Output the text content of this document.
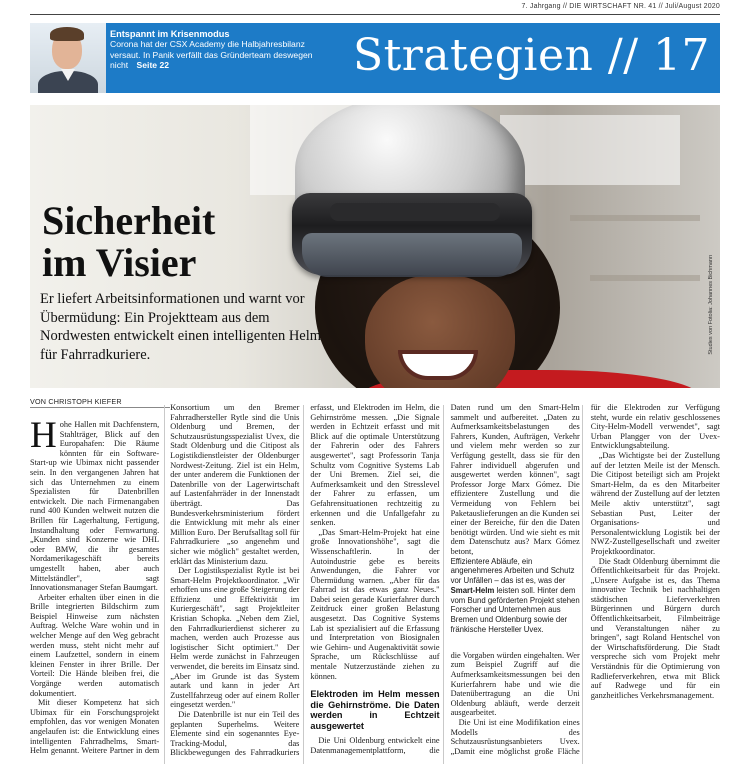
7. Jahrgang // DIE WIRTSCHAFT NR. 41 // Juli/August 2020
Entspannt im Krisenmodus
Corona hat der CSX Academy die Halbjahresbilanz versaut. In Panik verfällt das Gründerteam deswegen nicht Seite 22	Strategien // 17
Sicherheit
im Visier
Er liefert Arbeitsinformationen und warnt vor Übermüdung: Ein Projektteam aus dem Nordwesten entwickelt einen intelligenten Helm für Fahrradkuriere.	Studies von Fotolia: Johannes Bichmann
VON CHRISTOPH KIEFER

Hohe Hallen mit Dachfenstern, Stahlträger, Blick auf den Europahafen: Die Räume könnten für ein Software-Start-up wie Ubimax nicht passender sein. In den vergangenen Jahren hat sich das Unternehmen zu einem Spezialisten für Datenbrillen entwickelt. Die nach Firmenangaben rund 400 Kunden weltweit nutzen die Brillen für Lagerhaltung, Fertigung, Instandhaltung oder Fernwartung. „Kunden sind Konzerne wie DHL oder BMW, die ihr gesamtes Nordamerikageschäft bereits umgestellt haben, aber auch Mittelständler", sagt Innovationsmanager Stefan Baumgart.

Arbeiter erhalten über einen in die Brille integrierten Bildschirm zum Beispiel Hinweise zum nächsten Auftrag. Welche Ware wohin und in welcher Menge auf den Weg gebracht werden muss, steht nicht mehr auf einem Laufzettel, sondern in einem kleinen Fenster in ihrer Brille. Der Vorteil: Die Hände bleiben frei, die Vorgänge werden automatisch dokumentiert.

Mit dieser Kompetenz hat sich Ubimax für ein Forschungsprojekt empfohlen, das vor wenigen Monaten angelaufen ist: die Entwicklung eines intelligenten Fahrradhelms, Smart-Helm genannt. Weitere Partner in dem Konsortium um den Bremer Fahrradhersteller Rytle sind die Unis Oldenburg und Bremen, der Schutzausrüstungsspezialist Uvex, die Stadt Oldenburg und die Citipost als Logistikdienstleister der Oldenburger Nordwest-Zeitung. Ziel ist ein Helm, der unter anderem die Funktionen der Datenbrille von der Lagerwirtschaft auf Lastenfahrräder in der Innenstadt überträgt. Das Bundesverkehrsministerium fördert die Entwicklung mit mehr als einer Million Euro. Der Berufsalltag soll für Fahrradkuriere „so angenehm und sicher wie möglich" gestaltet werden, erklärt das Ministerium dazu.

Der Logistikspezialist Rytle ist bei Smart-Helm Projektkoordinator. „Wir erhoffen uns eine große Steigerung der Effizienz und Effektivität im Kuriergeschäft", sagt Projektleiter Kristian Schopka. „Neben dem Ziel, den Fahrradkurierdienst sicherer zu machen, werden auch Prozesse aus logistischer Sicht optimiert." Der Helm werde zunächst in Fahrzeugen verwendet, die bereits im Einsatz sind. „Aber im Grunde ist das System autark und kann in jeder Art Zustellfahrzeug oder auf einem Roller eingesetzt werden."

Die Datenbrille ist nur ein Teil des geplanten Superhelms. Weitere Elemente sind ein sogenanntes Eye-Tracking-Modul, das Blickbewegungen des Fahrradkuriers erfasst, und Elektroden im Helm, die Gehirnströme messen. „Die Signale werden in Echtzeit erfasst und mit Blick auf die optimale Unterstützung der Fahrerin oder des Fahrers ausgewertet", sagt Professorin Tanja Schultz vom Cognitive Systems Lab der Uni Bremen. Ziel sei, die Aufmerksamkeit und den Stresslevel der Fahrer zu erfassen, um Gefahrensituationen rechtzeitig zu erkennen und die Unfallgefahr zu senken.

„Das Smart-Helm-Projekt hat eine große Innovationshöhe", sagt die Wissenschaftlerin. In der Autoindustrie gebe es bereits Anwendungen, die Fahrer vor Übermüdung warnen. „Aber für das Fahrrad ist das etwas ganz Neues." Dabei seien gerade Kurierfahrer durch Zeitdruck einer großen Belastung ausgesetzt. Das Cognitive Systems Lab ist spezialisiert auf die Erfassung und Interpretation von Biosignalen wie Gehirn- und Augenaktivität sowie Sprache, um Rückschlüsse auf mentale Nutzerzustände ziehen zu können.

Elektroden im Helm messen die Gehirnströme. Die Daten werden in Echtzeit ausgewertet

Die Uni Oldenburg entwickelt eine Datenmanagementplattform, die Daten rund um den Smart-Helm sammelt und aufbereitet. „Daten zu Aufmerksamkeitsbelastungen des Fahrers, Kunden, Aufträgen, Verkehr und vielem mehr werden so zur Verfügung gestellt, dass sie für den Fahrer individuell abgerufen und ausgewertet werden können", sagt Professor Jorge Marx Gómez. Die effizientere Zustellung und die Vermeidung von Fehlern bei Paketauslieferungen an die Kunden sei einer der Bereiche, für den die Daten benötigt würden. Und wie sieht es mit dem Datenschutz aus? Marx Gómez betont,

Effizientere Abläufe, ein angenehmeres Arbeiten und Schutz vor Unfällen – das ist es, was der Smart-Helm leisten soll. Hinter dem vom Bund geförderten Projekt stehen Forscher und Unternehmen aus Bremen und Oldenburg sowie der fränkische Hersteller Uvex.

die Vorgaben würden eingehalten. Wer zum Beispiel Zugriff auf die Aufmerksamkeitsmessungen bei den Kurierfahrern habe und wie die Datenübertragung an die Uni Oldenburg abläuft, werde derzeit ausgearbeitet.

Die Uni ist eine Modifikation eines Modells des Schutzausrüstungsanbieters Uvex. „Damit eine möglichst große Fläche für die Elektroden zur Verfügung steht, wurde ein relativ geschlossenes City-Helm-Modell verwendet", sagt Urban Plangger von der Uvex-Entwicklungsabteilung.

„Das Wichtigste bei der Zustellung auf der letzten Meile ist der Mensch. Die Citipost beteiligt sich am Projekt Smart-Helm, da es den Mitarbeiter während der Zustellung auf der letzten Meile aktiv unterstützt", sagt Sebastian Pust, Leiter der Organisations- und Personalentwicklung Logistik bei der NWZ-Zustellgesellschaft und zweiter Projektkoordinator.

Die Stadt Oldenburg übernimmt die Öffentlichkeitsarbeit für das Projekt. „Unsere Aufgabe ist es, das Thema innovative Technik bei nachhaltigen städtischen Lieferverkehren Bürgerinnen und Bürgern durch Öffentlichkeitsarbeit, Filmbeiträge und Veranstaltungen näher zu bringen", sagt Roland Hentschel von der Wirtschaftsförderung. Die Stadt verspreche sich vom Projekt mehr Verständnis für die Optimierung von Radlieferverkehren, etwa mit Blick auf Radwege und für ein ganzheitliches Verkehrsmanagement.
